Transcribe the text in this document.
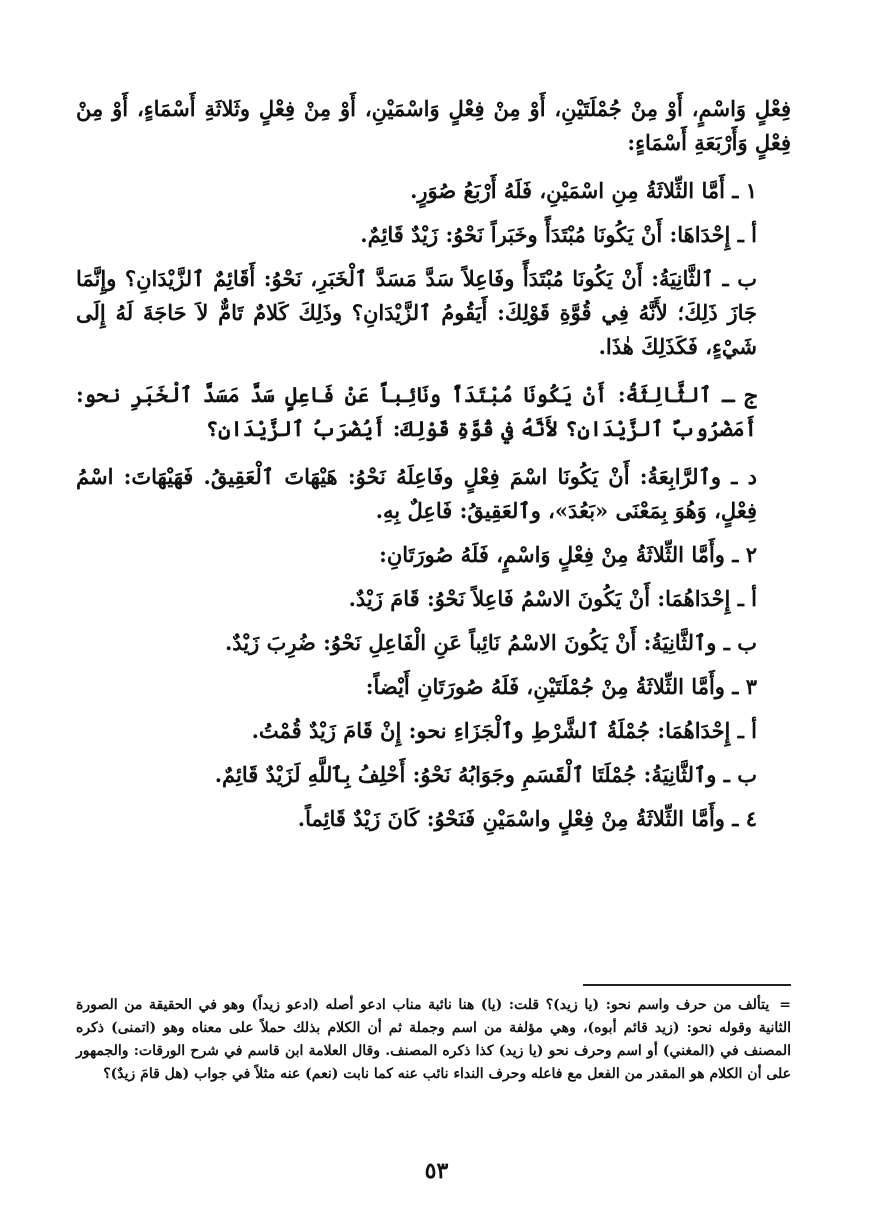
فِعْلٍ وَاسْمٍ، أَوْ مِنْ جُمْلَتَيْنِ، أَوْ مِنْ فِعْلٍ وَاسْمَيْنِ، أَوْ مِنْ فِعْلٍ وثَلاثَةِ أَسْمَاءٍ، أَوْ مِنْ فِعْلٍ وَأَرْبَعَةِ أَسْمَاءٍ:

١ ـ أَمَّا الثِّلاثَةُ مِنِ اسْمَيْنِ، فَلَهُ أَرْبَعُ صُوَرٍ.

أ ـ إِحْدَاهَا: أَنْ يَكُونَا مُبْتَدَأً وخَبَراً نَحْوُ: زَيْدٌ قَائِمٌ.

ب ـ ٱلثَّانِيَةُ: أَنْ يَكُونَا مُبْتَدَأً وفَاعِلاً سَدَّ مَسَدَّ ٱلْخَبَرِ، نَحْوُ: أَقَائِمٌ ٱلزَّيْدَانِ؟ وإِنَّمَا جَازَ ذَلِكَ؛ لأَنَّهُ فِي قُوَّةِ قَوْلِكَ: أَيَقُومُ ٱلزَّيْدَانِ؟ وذَلِكَ كَلامٌ تَامٌّ لاَ حَاجَةَ لَهُ إِلَى شَيْءٍ، فَكَذَلِكَ هٰذَا.

ج ـ ٱلثَّالِثَةُ: أَنْ يَكُونَا مُبْتَدَأً ونَائِباً عَنْ فَاعِلٍ سَدَّ مَسَدَّ ٱلْخَبَرِ نحو: أَمَضْرُوبٌ ٱلزَّيْدَانِ؟ لأَنَّهُ في قُوَّةِ قَوْلِكَ: أَيُضْرَبُ ٱلزَّيْدَانِ؟

د ـ وٱلرَّابِعَةُ: أَنْ يَكُونَا اسْمَ فِعْلٍ وفَاعِلَهُ نَحْوُ: هَيْهَاتَ ٱلْعَقِيقُ. فَهَيْهَاتَ: اسْمُ فِعْلٍ، وَهُوَ بِمَعْنَى «بَعُدَ»، وٱلعَقِيقُ: فَاعِلٌ بِهِ.

٢ ـ وأَمَّا الثِّلاثَةُ مِنْ فِعْلٍ وَاسْمٍ، فَلَهُ صُورَتَانِ:

أ ـ إِحْدَاهُمَا: أَنْ يَكُونَ الاسْمُ فَاعِلاً نَحْوُ: قَامَ زَيْدٌ.

ب ـ وٱلثَّانِيَةُ: أَنْ يَكُونَ الاسْمُ نَائِباً عَنِ الْفَاعِلِ نَحْوُ: ضُرِبَ زَيْدٌ.

٣ ـ وأَمَّا الثِّلاثَةُ مِنْ جُمْلَتَيْنِ، فَلَهُ صُورَتَانِ أَيْضاً:

أ ـ إِحْدَاهُمَا: جُمْلَةُ ٱلشَّرْطِ وٱلْجَزَاءِ نحو: إِنْ قَامَ زَيْدٌ قُمْتُ.

ب ـ وٱلثَّانِيَةُ: جُمْلَتَا ٱلْقَسَمِ وجَوَابُهُ نَحْوُ: أَحْلِفُ بِٱللَّهِ لَزَيْدٌ قَائِمٌ.

٤ ـ وأَمَّا الثِّلاثَةُ مِنْ فِعْلٍ واسْمَيْنِ فَنَحْوُ: كَانَ زَيْدٌ قَائِماً.

=يتألف من حرف واسم نحو: (يا زيد)؟ قلت: (يا) هنا نائبة مناب ادعو أصله (ادعو زيداً) وهو في الحقيقة من الصورة الثانية وقوله نحو: (زيد قائم أبوه)، وهي مؤلفة من اسم وجملة ثم أن الكلام بذلك حملاً على معناه وهو (اتمنى) ذكره المصنف في (المغني) أو اسم وحرف نحو (يا زيد) كذا ذكره المصنف. وقال العلامة ابن قاسم في شرح الورقات: والجمهور على أن الكلام هو المقدر من الفعل مع فاعله وحرف النداء نائب عنه كما نابت (نعم) عنه مثلاً في جواب (هل قامَ زيدٌ)؟
٥٣
